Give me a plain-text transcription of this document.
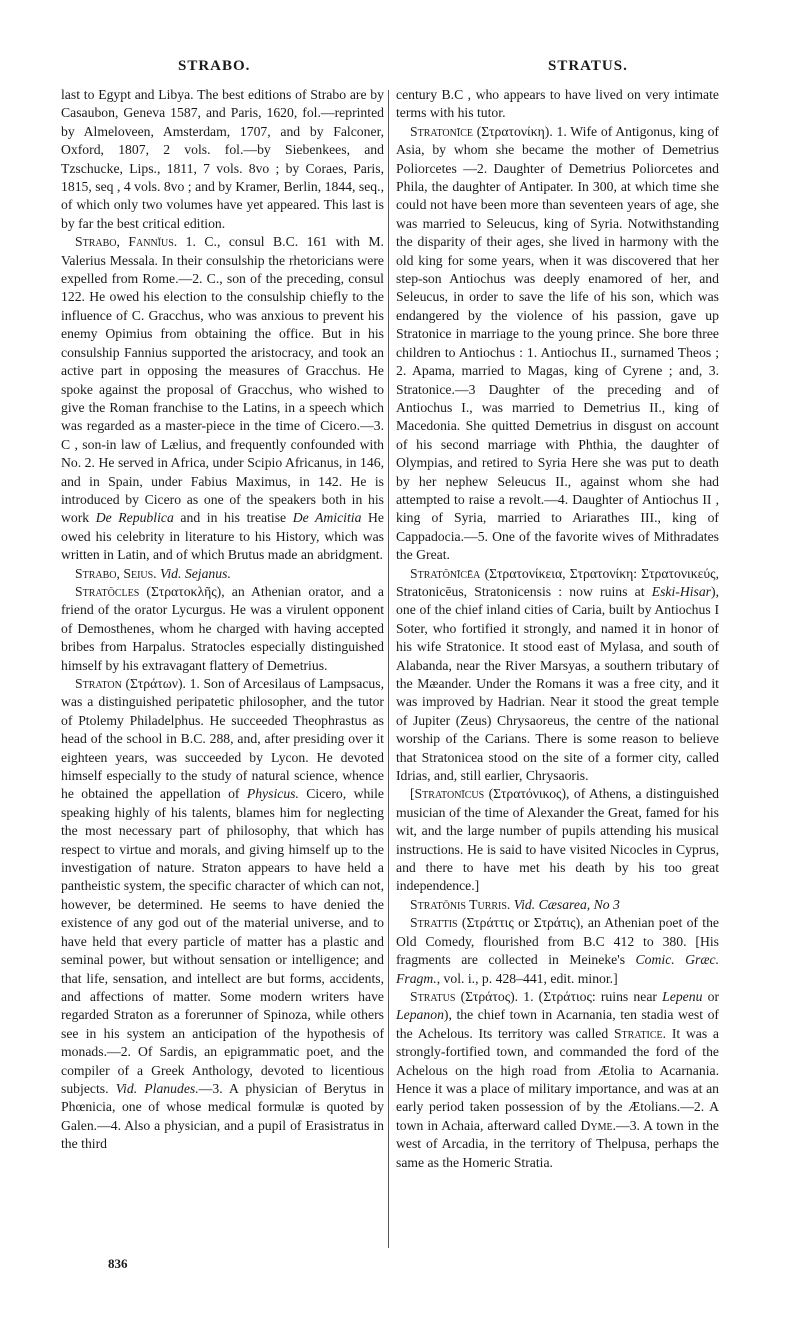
STRABO.	STRATUS.

last to Egypt and Libya. The best editions of Strabo are by Casaubon, Geneva 1587, and Paris, 1620, fol.—reprinted by Almeloveen, Amsterdam, 1707, and by Falconer, Oxford, 1807, 2 vols. fol.—by Siebenkees, and Tzschucke, Lips., 1811, 7 vols. 8vo ; by Coraes, Paris, 1815, seq , 4 vols. 8vo ; and by Kramer, Berlin, 1844, seq., of which only two volumes have yet appeared. This last is by far the best critical edition.

Strabo, Fannĭus. 1. C., consul B.C. 161 with M. Valerius Messala. In their consulship the rhetoricians were expelled from Rome.—2. C., son of the preceding, consul 122. He owed his election to the consulship chiefly to the influence of C. Gracchus, who was anxious to prevent his enemy Opimius from obtaining the office. But in his consulship Fannius supported the aristocracy, and took an active part in opposing the measures of Gracchus. He spoke against the proposal of Gracchus, who wished to give the Roman franchise to the Latins, in a speech which was regarded as a master-piece in the time of Cicero.—3. C , son-in law of Lælius, and frequently confounded with No. 2. He served in Africa, under Scipio Africanus, in 146, and in Spain, under Fabius Maximus, in 142. He is introduced by Cicero as one of the speakers both in his work De Republica and in his treatise De Amicitia He owed his celebrity in literature to his History, which was written in Latin, and of which Brutus made an abridgment.

Strabo, Seius. Vid. Sejanus.

Stratŏcles (Στρατοκλῆς), an Athenian orator, and a friend of the orator Lycurgus. He was a virulent opponent of Demosthenes, whom he charged with having accepted bribes from Harpalus. Stratocles especially distinguished himself by his extravagant flattery of Demetrius.

Straton (Στράτων). 1. Son of Arcesilaus of Lampsacus, was a distinguished peripatetic philosopher, and the tutor of Ptolemy Philadelphus. He succeeded Theophrastus as head of the school in B.C. 288, and, after presiding over it eighteen years, was succeeded by Lycon. He devoted himself especially to the study of natural science, whence he obtained the appellation of Physicus. Cicero, while speaking highly of his talents, blames him for neglecting the most necessary part of philosophy, that which has respect to virtue and morals, and giving himself up to the investigation of nature. Straton appears to have held a pantheistic system, the specific character of which can not, however, be determined. He seems to have denied the existence of any god out of the material universe, and to have held that every particle of matter has a plastic and seminal power, but without sensation or intelligence; and that life, sensation, and intellect are but forms, accidents, and affections of matter. Some modern writers have regarded Straton as a forerunner of Spinoza, while others see in his system an anticipation of the hypothesis of monads.—2. Of Sardis, an epigrammatic poet, and the compiler of a Greek Anthology, devoted to licentious subjects. Vid. Planudes.—3. A physician of Berytus in Phœnicia, one of whose medical formulæ is quoted by Galen.—4. Also a physician, and a pupil of Erasistratus in the third

century B.C , who appears to have lived on very intimate terms with his tutor.

Stratonīce (Στρατονίκη). 1. Wife of Antigonus, king of Asia, by whom she became the mother of Demetrius Poliorcetes —2. Daughter of Demetrius Poliorcetes and Phila, the daughter of Antipater. In 300, at which time she could not have been more than seventeen years of age, she was married to Seleucus, king of Syria. Notwithstanding the disparity of their ages, she lived in harmony with the old king for some years, when it was discovered that her step-son Antiochus was deeply enamored of her, and Seleucus, in order to save the life of his son, which was endangered by the violence of his passion, gave up Stratonice in marriage to the young prince. She bore three children to Antiochus : 1. Antiochus II., surnamed Theos ; 2. Apama, married to Magas, king of Cyrene ; and, 3. Stratonice.—3 Daughter of the preceding and of Antiochus I., was married to Demetrius II., king of Macedonia. She quitted Demetrius in disgust on account of his second marriage with Phthia, the daughter of Olympias, and retired to Syria Here she was put to death by her nephew Seleucus II., against whom she had attempted to raise a revolt.—4. Daughter of Antiochus II , king of Syria, married to Ariarathes III., king of Cappadocia.—5. One of the favorite wives of Mithradates the Great.

Stratŏnīcēa (Στρατονίκεια, Στρατονίκη: Στρατονικεύς, Stratonicēus, Stratonicensis : now ruins at Eski-Hisar), one of the chief inland cities of Caria, built by Antiochus I Soter, who fortified it strongly, and named it in honor of his wife Stratonice. It stood east of Mylasa, and south of Alabanda, near the River Marsyas, a southern tributary of the Mæander. Under the Romans it was a free city, and it was improved by Hadrian. Near it stood the great temple of Jupiter (Zeus) Chrysaoreus, the centre of the national worship of the Carians. There is some reason to believe that Stratonicea stood on the site of a former city, called Idrias, and, still earlier, Chrysaoris.

[Stratonīcus (Στρατόνικος), of Athens, a distinguished musician of the time of Alexander the Great, famed for his wit, and the large number of pupils attending his musical instructions. He is said to have visited Nicocles in Cyprus, and there to have met his death by his too great independence.]

Stratōnis Turris. Vid. Cæsarea, No 3

Strattis (Στράττις or Στράτις), an Athenian poet of the Old Comedy, flourished from B.C 412 to 380. [His fragments are collected in Meineke's Comic. Græc. Fragm., vol. i., p. 428–441, edit. minor.]

Stratus (Στράτος). 1. (Στράτιος: ruins near Lepenu or Lepanon), the chief town in Acarnania, ten stadia west of the Achelous. Its territory was called Stratice. It was a strongly-fortified town, and commanded the ford of the Achelous on the high road from Ætolia to Acarnania. Hence it was a place of military importance, and was at an early period taken possession of by the Ætolians.—2. A town in Achaia, afterward called Dyme.—3. A town in the west of Arcadia, in the territory of Thelpusa, perhaps the same as the Homeric Stratia.

836
